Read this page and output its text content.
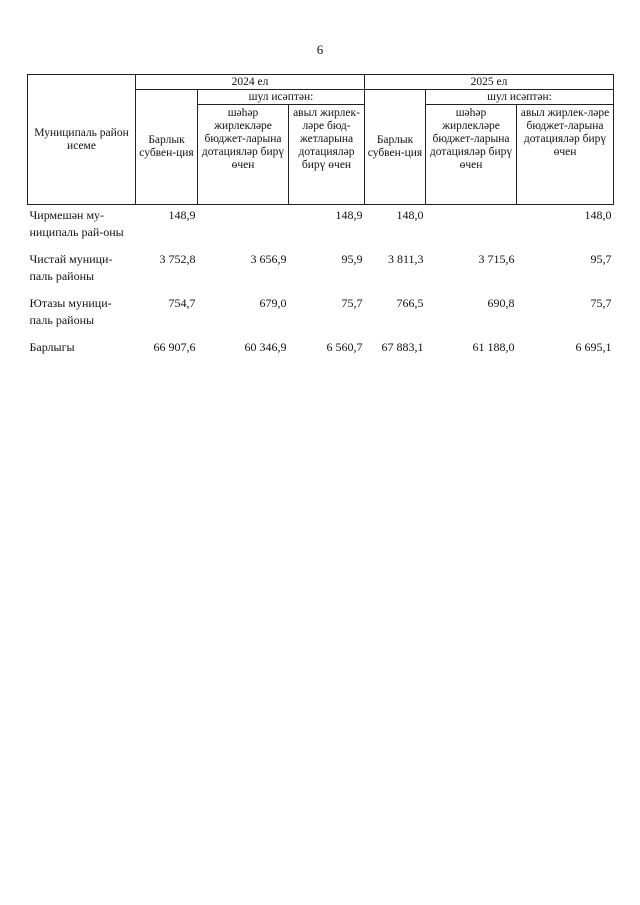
6
Муниципаль район исеме	2024 ел			2025 ел		
	Барлык субвен-ция	шул исәптән:		Барлык субвен-ция	шул исәптән:	
		шәһәр жирлекләре бюджет-ларына дотацияләр бирү өчен	авыл жирлек-ләре бюд-жетларына дотацияләр бирү өчен		шәһәр жирлекләре бюджет-ларына дотацияләр бирү өчен	авыл жирлек-ләре бюджет-ларына дотацияләр бирү өчен
Чирмешән му-ниципаль рай-оны	148,9		148,9	148,0		148,0
Чистай муници-паль районы	3 752,8	3 656,9	95,9	3 811,3	3 715,6	95,7
Ютазы муници-паль районы	754,7	679,0	75,7	766,5	690,8	75,7
Барлыгы	66 907,6	60 346,9	6 560,7	67 883,1	61 188,0	6 695,1
